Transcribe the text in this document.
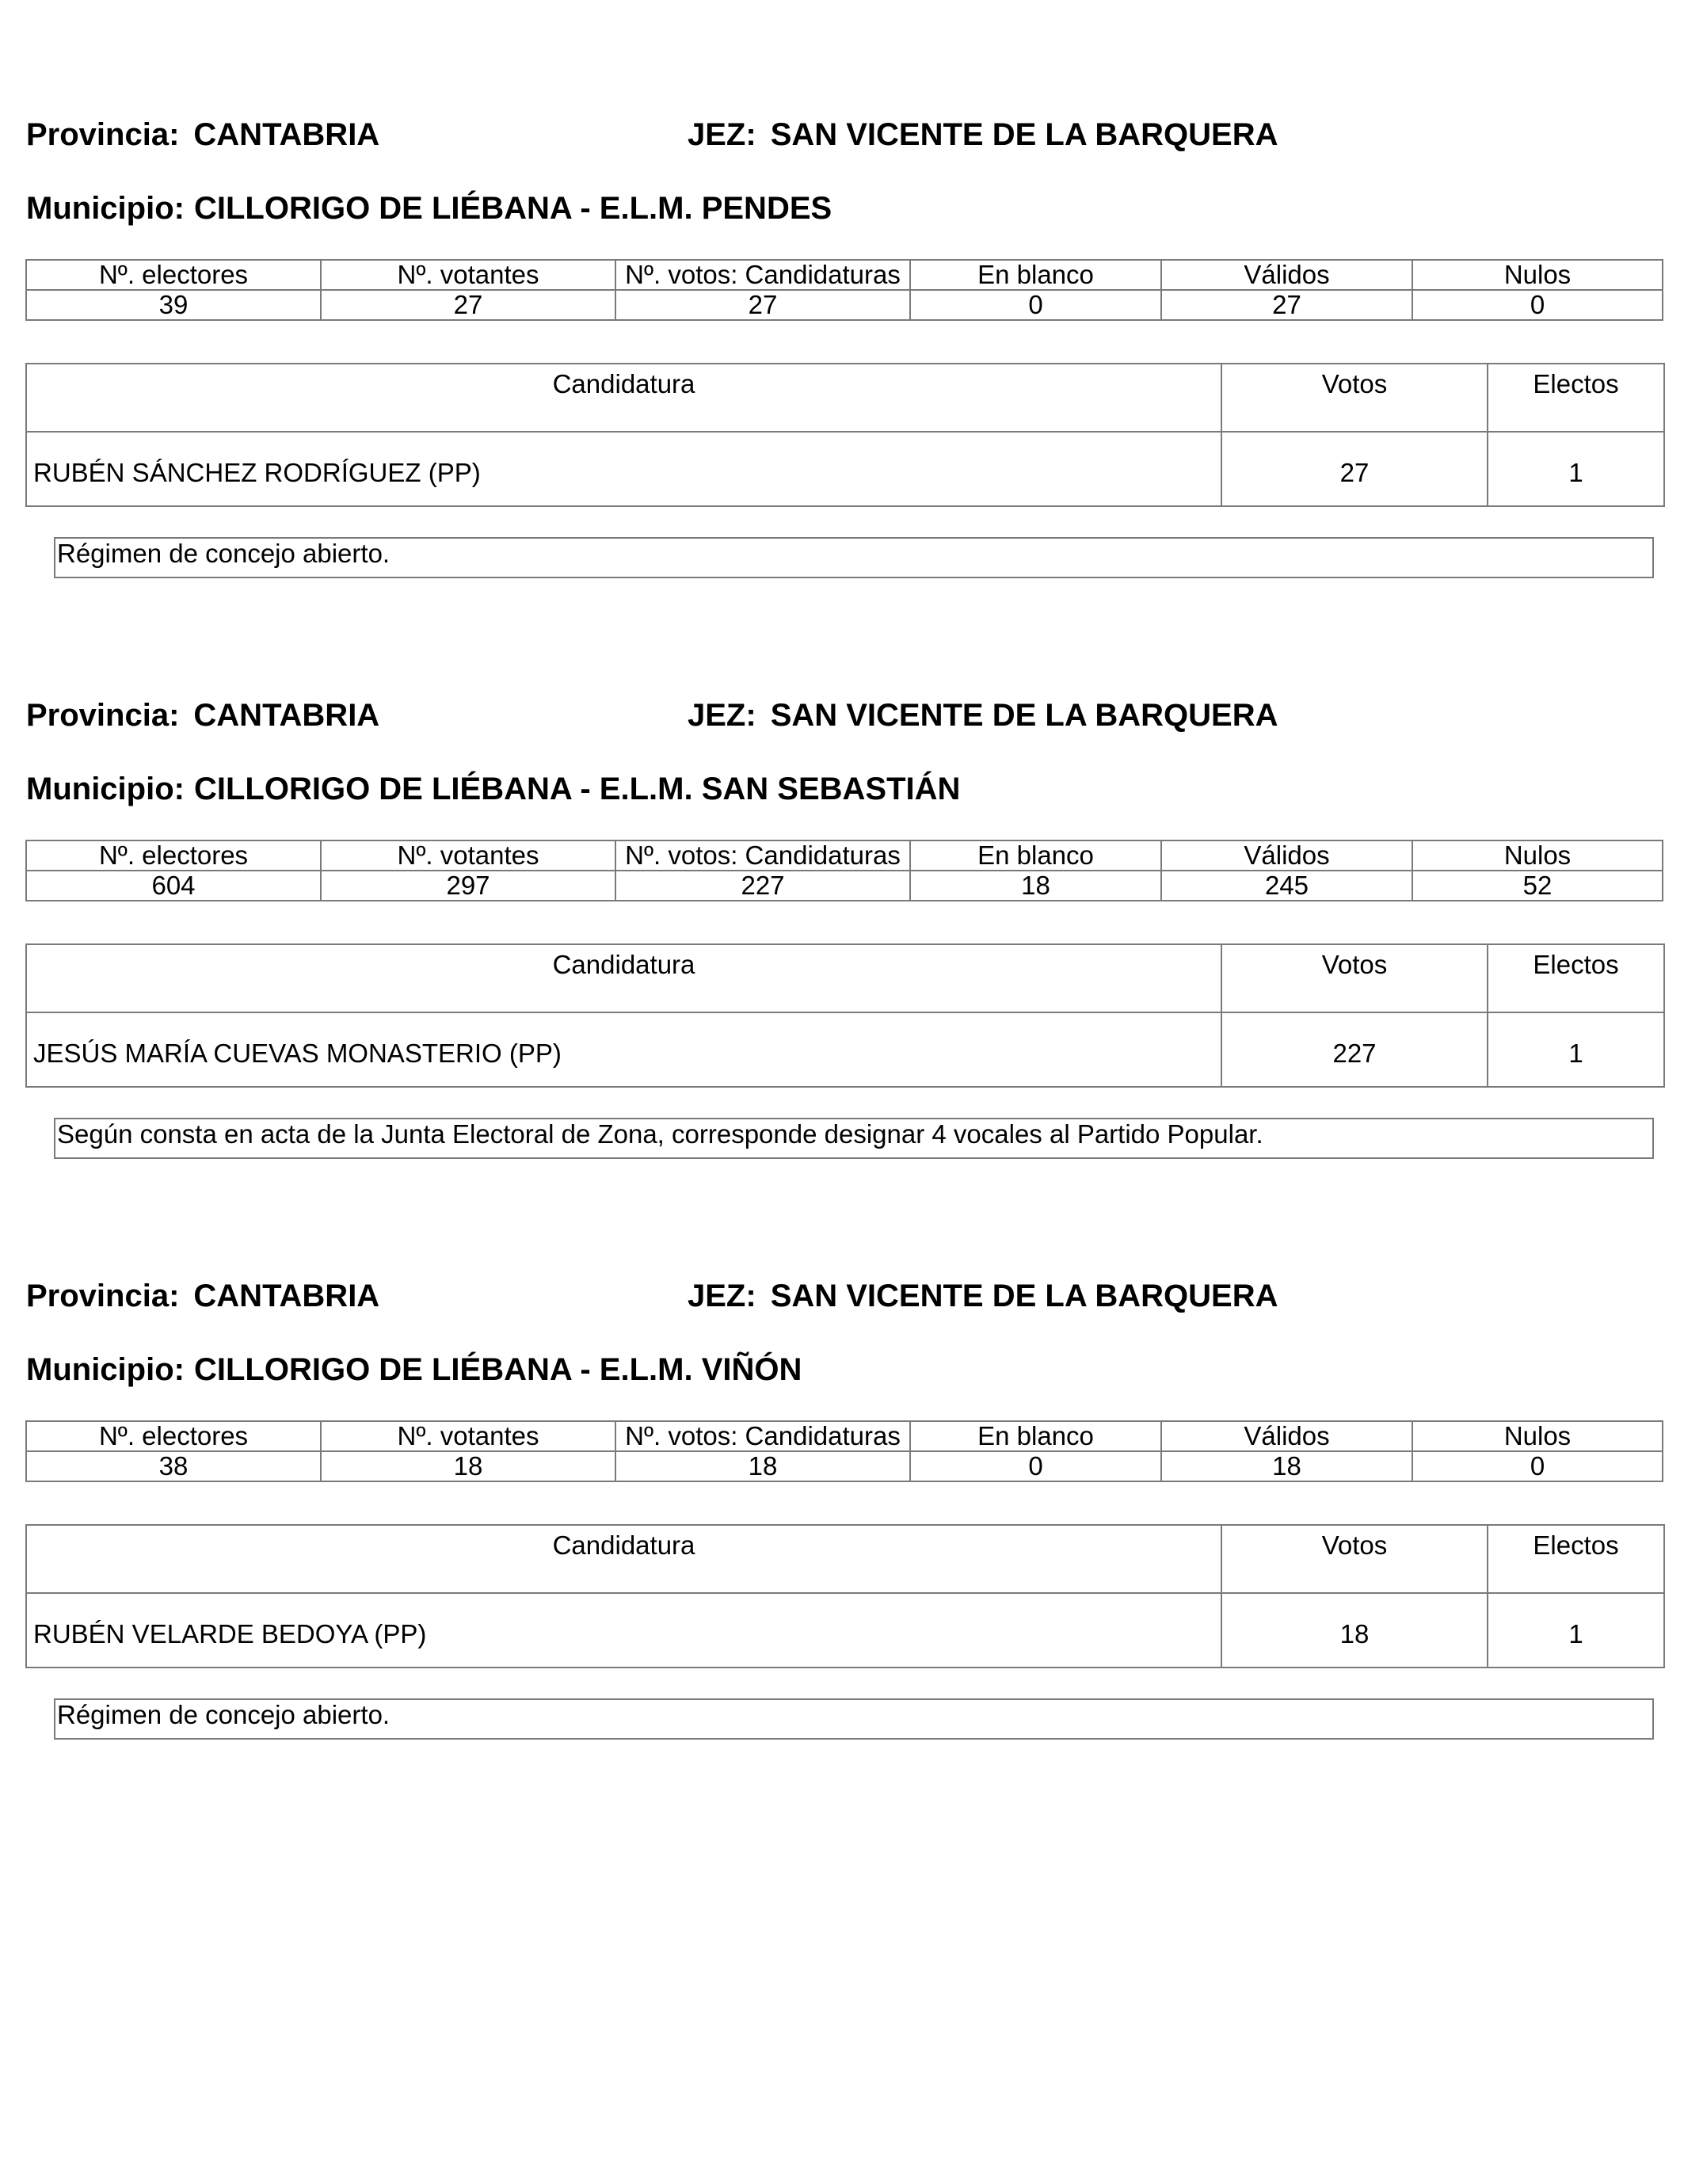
Provincia: CANTABRIA	JEZ: SAN VICENTE DE LA BARQUERA
Municipio: CILLORIGO DE LIÉBANA - E.L.M. PENDES
Nº. electores	Nº. votantes	Nº. votos: Candidaturas	En blanco	Válidos	Nulos
39	27	27	0	27	0
Candidatura	Votos	Electos
RUBÉN SÁNCHEZ RODRÍGUEZ (PP)	27	1
Régimen de concejo abierto.
Provincia: CANTABRIA	JEZ: SAN VICENTE DE LA BARQUERA
Municipio: CILLORIGO DE LIÉBANA - E.L.M. SAN SEBASTIÁN
Nº. electores	Nº. votantes	Nº. votos: Candidaturas	En blanco	Válidos	Nulos
604	297	227	18	245	52
Candidatura	Votos	Electos
JESÚS MARÍA CUEVAS MONASTERIO (PP)	227	1
Según consta en acta de la Junta Electoral de Zona, corresponde designar 4 vocales al Partido Popular.
Provincia: CANTABRIA	JEZ: SAN VICENTE DE LA BARQUERA
Municipio: CILLORIGO DE LIÉBANA - E.L.M. VIÑÓN
Nº. electores	Nº. votantes	Nº. votos: Candidaturas	En blanco	Válidos	Nulos
38	18	18	0	18	0
Candidatura	Votos	Electos
RUBÉN VELARDE BEDOYA (PP)	18	1
Régimen de concejo abierto.
